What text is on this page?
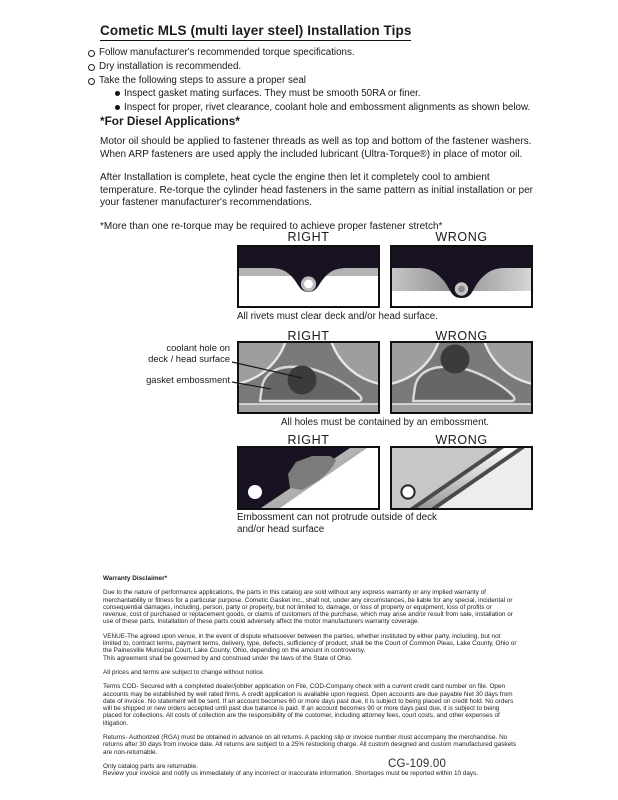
Cometic MLS (multi layer steel) Installation Tips
Follow manufacturer's recommended torque specifications.
Dry installation is recommended.
Take the following steps to assure a proper seal
Inspect gasket mating surfaces. They must be smooth 50RA or finer.
Inspect for proper, rivet clearance, coolant hole and embossment alignments as shown below.
*For Diesel Applications*

Motor oil should be applied to fastener threads as well as top and bottom of the fastener washers. When ARP fasteners are used apply the included lubricant (Ultra-Torque®) in place of motor oil.

After Installation is complete, heat cycle the engine then let it completely cool to ambient temperature. Re-torque the cylinder head fasteners in the same pattern as initial installation or per your fastener manufacturer's recommendations.

*More than one re-torque may be required to achieve proper fastener stretch*

RIGHT	WRONG
All rivets must clear deck and/or head surface.
RIGHT	WRONG
coolant hole on
deck / head surface
gasket embossment
All holes must be contained by an embossment.
RIGHT	WRONG
Embossment can not protrude outside of deck
and/or head surface
Warranty Disclaimer*

Due to the nature of performance applications, the parts in this catalog are sold without any express warranty or any implied warranty of merchantability or fitness for a particular purpose. Cometic Gasket Inc., shall not, under any circumstances, be liable for any special, incidental or consequential damages, including, person, party or property, but not limited to, damage, or loss of property or equipment, loss of profits or revenue, cost of purchased or replacement goods, or claims of customers of the purchase, which may arise and/or result from sale, installation or use of these parts. Installation of these parts could adversely affect the motor manufacturers warranty coverage.

VENUE-The agreed upon venue, in the event of dispute whatsoever between the parties, whether instituted by either party, including, but not limited to, contract terms, payment terms, delivery, type, defects, sufficiency of product, shall be the Court of Common Pleas, Lake County, Ohio or the Painesville Municipal Court, Lake County, Ohio, depending on the amount in controversy.

This agreement shall be governed by and construed under the laws of the State of Ohio.

All prices and terms are subject to change without notice.

Terms COD- Secured with a completed dealer/jobber application on File, COD-Company check with a current credit card number on file. Open accounts may be established by well rated firms. A credit application is available upon request. Open accounts are due payable Net 30 days from date of invoice. No statement will be sent. If an account becomes 60 or more days past due, it is subject to being placed on credit hold. No orders will be shipped or new orders accepted until past due balance is paid. If an account becomes 90 or more days past due, it is subject to being placed for collections. All costs of collection are the responsibility of the customer, including attorney fees, court costs, and other expenses of litigation.

Returns- Authorized (RGA) must be obtained in advance on all returns. A packing slip or invoice number must accompany the merchandise. No returns after 30 days from invoice date. All returns are subject to a 25% restocking charge. All custom designed and custom manufactured gaskets are non-returnable.

Only catalog parts are returnable.

Review your invoice and notify us immediately of any incorrect or inaccurate information. Shortages must be reported within 10 days.

CG-109.00
